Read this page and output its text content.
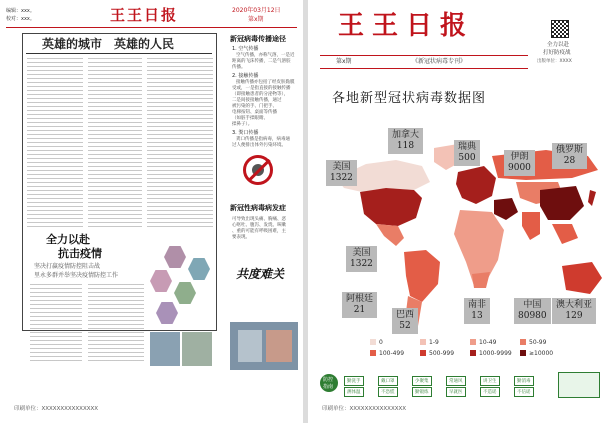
编辑：xxx。
校对：xxx。	王王日报	2020年03月12日
第x期
英雄的城市　英雄的人民
全力以赴
抗击疫情
坚决打赢疫情防控阻击战
里永多群并举坚决疫情防控工作
新冠病毒传播途径
1. 空气传播
空气传播，亦称气溶，一是近
距离的飞沫传播，二是气溶胶
传播。
2. 接触传播
接触传播亦包括了经皮肤黏膜
受或，一是指直接的接触传播
（即接触患者的分泌物等），
二是间接接触传播，通过
被污染的手、门把手、
电梯按钮、桌面等传播
（如脏手揉眼睛、
揉鼻子）。
3. 粪口传播
粪口传播是指病毒，病毒通
过人便排出体外污染环境。
新冠性病毒病发症
可导致出现头痛、胸痛、恶
心呕吐、腹泻、发烧、咳嗽
、重的可能有呼吸困难，主
要表现。
共度难关
印刷单位：XXXXXXXXXXXXXXX
王王日报
全力以赴
打好防疫战
第x期	《新冠状病毒专刊》	出版单位：XXXX
各地新型冠状病毒数据图
加拿大
118	瑞典
500	伊朗
9000
俄罗斯
28
美国
1322
美国
1322
阿根廷
21	巴西
52
南非
13
中国
80980
澳大利亚
129
0	1-9	10-49	50-99
100-499	500-999	1000-9999	≥10000
防控
指南
勤洗手	戴口罩	少聚集	常通风	讲卫生	勤消毒
测体温	不恐慌	勤锻炼	早就医	不造谣	不信谣
印刷单位：XXXXXXXXXXXXXXX
